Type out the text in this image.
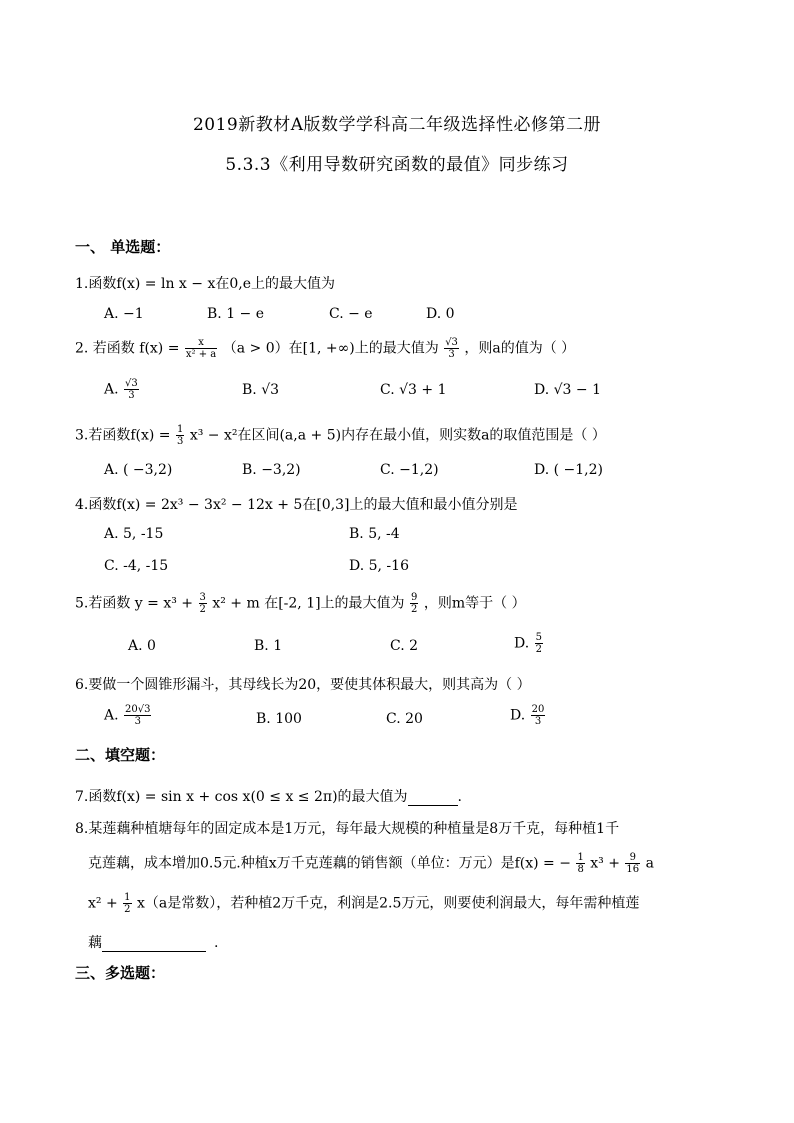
2019新教材A版数学学科高二年级选择性必修第二册
5.3.3《利用导数研究函数的最值》同步练习
一、 单选题：
1.函数f(x) = ln x − x在0,e上的最大值为
A. −1	B. 1 − e	C. − e	D. 0
2. 若函数 $f(x) = \frac{x}{\text{x² + a}} (a > 0)$在[1, +∞)上的最大值为 $\frac{√3}{3}$ ，则a的值为（ ）
A. $\frac{√3}{3}$	B. √3	C. √3 + 1	D. √3 − 1
3.若函数$f(x) = \frac{1}{3} x^3 - x^2$在区间(a,a + 5)内存在最小值，则实数a的取值范围是（ ）
A. ( −3,2)	B. −3,2)	C. −1,2)	D. ( −1,2)
4.函数f(x) = 2x³ − 3x² − 12x + 5在[0,3]上的最大值和最小值分别是
A. 5, -15	B. 5, -4
C. -4, -15	D. 5, -16
5.若函数 $y = x^3 + \frac{3}{2} x^2 + m$ 在[-2, 1]上的最大值为 $\frac{9}{2}$ ，则m等于（ ）
A. 0	B. 1	C. 2	D. $\frac{5}{2}$
6.要做一个圆锥形漏斗，其母线长为20，要使其体积最大，则其高为（ ）
A. $\frac{20√3}{3}$	B. 100	C. 20	D. $\frac{20}{3}$
二、填空题：
7.函数f(x) = sin x + cos x(0 ≤ x ≤ 2π)的最大值为	.
8.某莲藕种植塘每年的固定成本是1万元，每年最大规模的种植量是8万千克，每种植1千
克莲藕，成本增加0.5元.种植x万千克莲藕的销售额（单位：万元）是f(x) = − $\frac{1}{8} x^3 + \frac{9}{16}$ a
$x^2 + \frac{1}{2} x(a$是常数），若种植2万千克，利润是2.5万元，则要使利润最大，每年需种植莲
藕	.
三、多选题：
